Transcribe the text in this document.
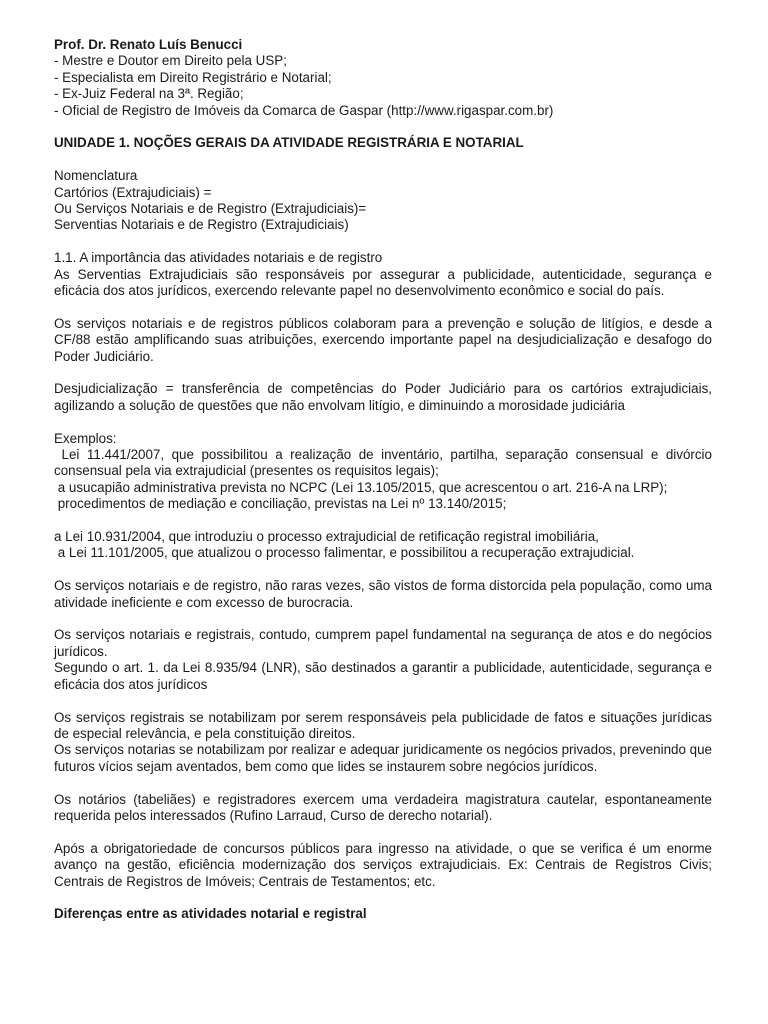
Prof. Dr. Renato Luís Benucci

- Mestre e Doutor em Direito pela USP;
- Especialista em Direito Registrário e Notarial;
- Ex-Juiz Federal na 3ª. Região;
- Oficial de Registro de Imóveis da Comarca de Gaspar (http://www.rigaspar.com.br)

UNIDADE 1. NOÇÕES GERAIS DA ATIVIDADE REGISTRÁRIA E NOTARIAL

Nomenclatura
Cartórios (Extrajudiciais) =
Ou Serviços Notariais e de Registro (Extrajudiciais)=
Serventias Notariais e de Registro (Extrajudiciais)
1.1. A importância das atividades notariais e de registro

As Serventias Extrajudiciais são responsáveis por assegurar a publicidade, autenticidade, segurança e eficácia dos atos jurídicos, exercendo relevante papel no desenvolvimento econômico e social do país.

Os serviços notariais e de registros públicos colaboram para a prevenção e solução de litígios, e desde a CF/88 estão amplificando suas atribuições, exercendo importante papel na desjudicialização e desafogo do Poder Judiciário.

Desjudicialização = transferência de competências do Poder Judiciário para os cartórios extrajudiciais, agilizando a solução de questões que não envolvam litígio, e diminuindo a morosidade judiciária

Exemplos:

Lei 11.441/2007, que possibilitou a realização de inventário, partilha, separação consensual e divórcio consensual pela via extrajudicial (presentes os requisitos legais);

a usucapião administrativa prevista no NCPC (Lei 13.105/2015, que acrescentou o art. 216-A na LRP);

procedimentos de mediação e conciliação, previstas na Lei nº 13.140/2015;

a Lei 10.931/2004, que introduziu o processo extrajudicial de retificação registral imobiliária,

a Lei 11.101/2005, que atualizou o processo falimentar, e possibilitou a recuperação extrajudicial.

Os serviços notariais e de registro, não raras vezes, são vistos de forma distorcida pela população, como uma atividade ineficiente e com excesso de burocracia.

Os serviços notariais e registrais, contudo, cumprem papel fundamental na segurança de atos e do negócios jurídicos.

Segundo o art. 1. da Lei 8.935/94 (LNR), são destinados a garantir a publicidade, autenticidade, segurança e eficácia dos atos jurídicos

Os serviços registrais se notabilizam por serem responsáveis pela publicidade de fatos e situações jurídicas de especial relevância, e pela constituição direitos.

Os serviços notarias se notabilizam por realizar e adequar juridicamente os negócios privados, prevenindo que futuros vícios sejam aventados, bem como que lides se instaurem sobre negócios jurídicos.

Os notários (tabeliães) e registradores exercem uma verdadeira magistratura cautelar, espontaneamente requerida pelos interessados (Rufino Larraud, Curso de derecho notarial).

Após a obrigatoriedade de concursos públicos para ingresso na atividade, o que se verifica é um enorme avanço na gestão, eficiência modernização dos serviços extrajudiciais. Ex: Centrais de Registros Civis; Centrais de Registros de Imóveis; Centrais de Testamentos; etc.

Diferenças entre as atividades notarial e registral
